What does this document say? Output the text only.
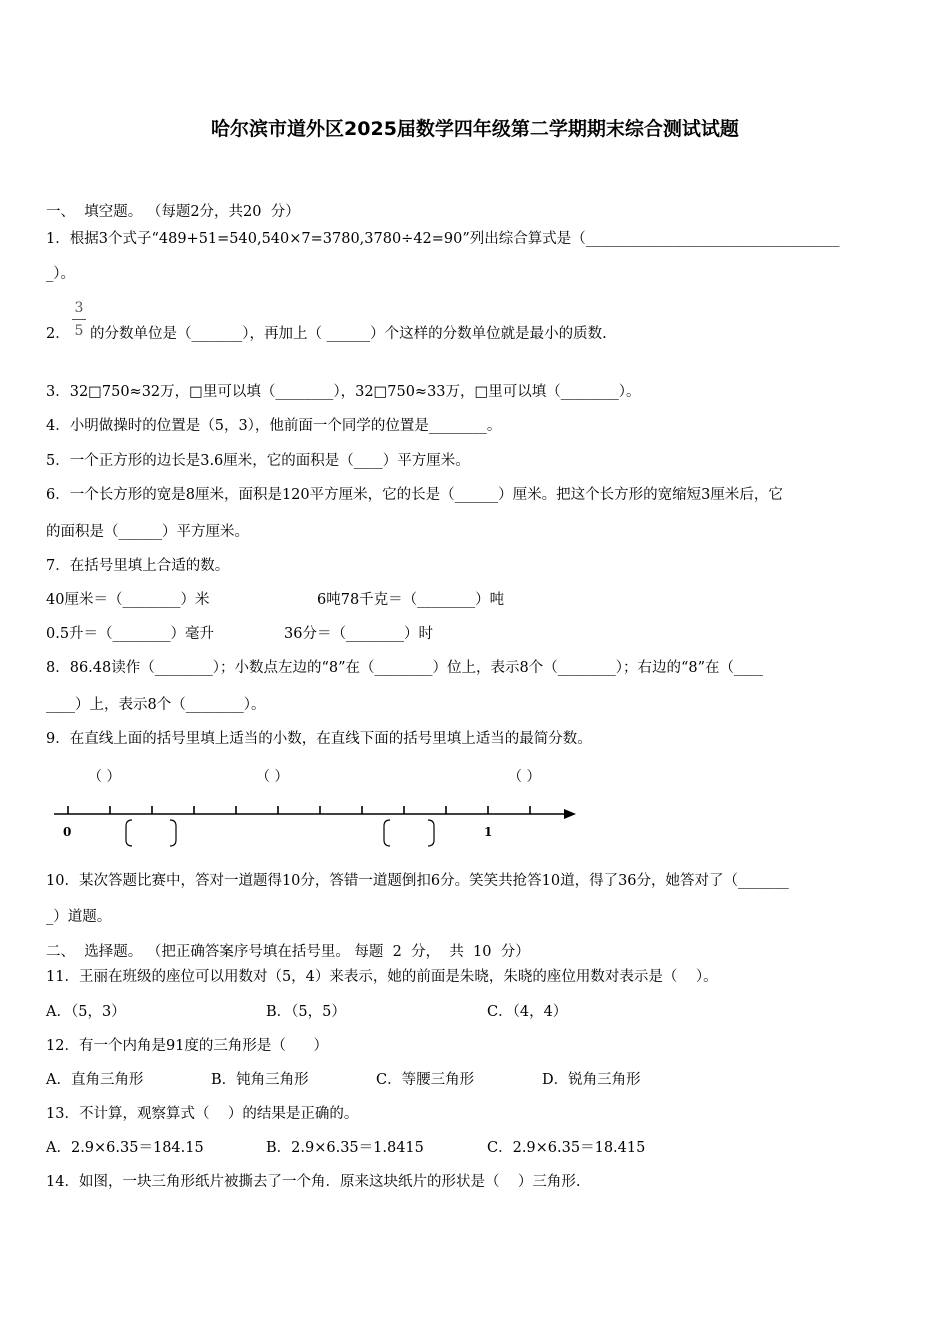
哈尔滨市道外区2025届数学四年级第二学期期末综合测试试题
一、  填空题。 （每题2分，共20  分）
1．根据3个式子“489+51=540,540×7=3780,3780÷42=90”列出综合算式是（___________________________________
_）。
2．
3
5 的分数单位是（_______），再加上（ ______）个这样的分数单位就是最小的质数.
3．32□750≈32万，□里可以填（________），32□750≈33万，□里可以填（________）。
4．小明做操时的位置是（5，3），他前面一个同学的位置是________。
5．一个正方形的边长是3.6厘米，它的面积是（____）平方厘米。
6．一个长方形的宽是8厘米，面积是120平方厘米，它的长是（______）厘米。把这个长方形的宽缩短3厘米后，它
的面积是（______）平方厘米。
7．在括号里填上合适的数。
40厘米＝（________）米	6吨78千克＝（________）吨
0.5升＝（________）毫升	36分＝（________）时
8．86.48读作（________）；小数点左边的“8”在（________）位上，表示8个（________）；右边的“8”在（____
____）上，表示8个（________）。
9．在直线上面的括号里填上适当的小数，在直线下面的括号里填上适当的最简分数。
（ ）	（ ）	（ ）
0	1
10．某次答题比赛中，答对一道题得10分，答错一道题倒扣6分。笑笑共抢答10道，得了36分，她答对了（_______
_）道题。
二、  选择题。 （把正确答案序号填在括号里。 每题  2  分，  共  10  分）
11．王丽在班级的座位可以用数对（5，4）来表示，她的前面是朱晓，朱晓的座位用数对表示是（    ）。
A．（5，3）	B．（5，5）	C．（4，4）
12．有一个内角是91度的三角形是（      ）
A．直角三角形	B．钝角三角形	C．等腰三角形	D．锐角三角形
13．不计算，观察算式（    ）的结果是正确的。
A．2.9×6.35＝184.15	B．2.9×6.35＝1.8415	C．2.9×6.35＝18.415
14．如图，一块三角形纸片被撕去了一个角．原来这块纸片的形状是（    ）三角形.
